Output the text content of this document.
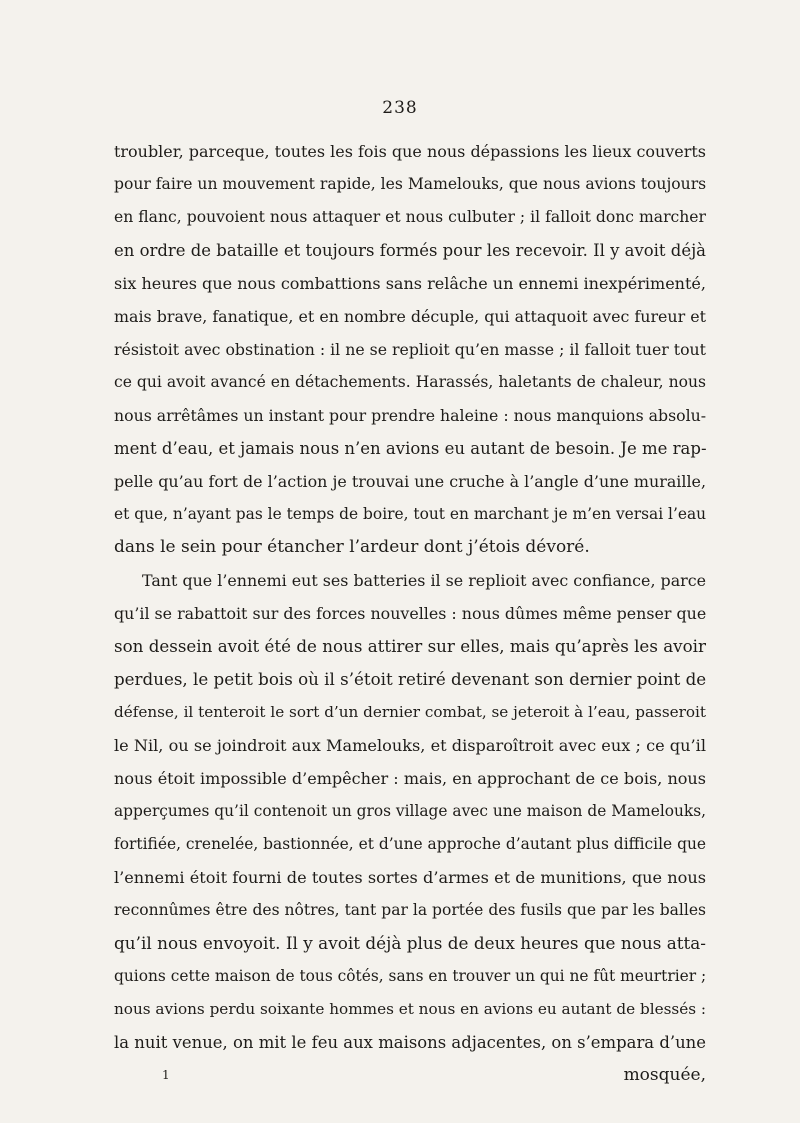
238
troubler, parceque, toutes les fois que nous dépassions les lieux couverts
pour faire un mouvement rapide, les Mamelouks, que nous avions toujours
en flanc, pouvoient nous attaquer et nous culbuter ; il falloit donc marcher
en ordre de bataille et toujours formés pour les recevoir. Il y avoit déjà
six heures que nous combattions sans relâche un ennemi inexpérimenté,
mais brave, fanatique, et en nombre décuple, qui attaquoit avec fureur et
résistoit avec obstination : il ne se replioit qu’en masse ; il falloit tuer tout
ce qui avoit avancé en détachements. Harassés, haletants de chaleur, nous
nous arrêtâmes un instant pour prendre haleine : nous manquions absolu-
ment d’eau, et jamais nous n’en avions eu autant de besoin. Je me rap-
pelle qu’au fort de l’action je trouvai une cruche à l’angle d’une muraille,
et que, n’ayant pas le temps de boire, tout en marchant je m’en versai l’eau
dans le sein pour étancher l’ardeur dont j’étois dévoré.
Tant que l’ennemi eut ses batteries il se replioit avec confiance, parce
qu’il se rabattoit sur des forces nouvelles : nous dûmes même penser que
son dessein avoit été de nous attirer sur elles, mais qu’après les avoir
perdues, le petit bois où il s’étoit retiré devenant son dernier point de
défense, il tenteroit le sort d’un dernier combat, se jeteroit à l’eau, passeroit
le Nil, ou se joindroit aux Mamelouks, et disparoîtroit avec eux ; ce qu’il
nous étoit impossible d’empêcher : mais, en approchant de ce bois, nous
apperçumes qu’il contenoit un gros village avec une maison de Mamelouks,
fortifiée, crenelée, bastionnée, et d’une approche d’autant plus difficile que
l’ennemi étoit fourni de toutes sortes d’armes et de munitions, que nous
reconnûmes être des nôtres, tant par la portée des fusils que par les balles
qu’il nous envoyoit. Il y avoit déjà plus de deux heures que nous atta-
quions cette maison de tous côtés, sans en trouver un qui ne fût meurtrier ;
nous avions perdu soixante hommes et nous en avions eu autant de blessés :
la nuit venue, on mit le feu aux maisons adjacentes, on s’empara d’une
1	mosquée,
